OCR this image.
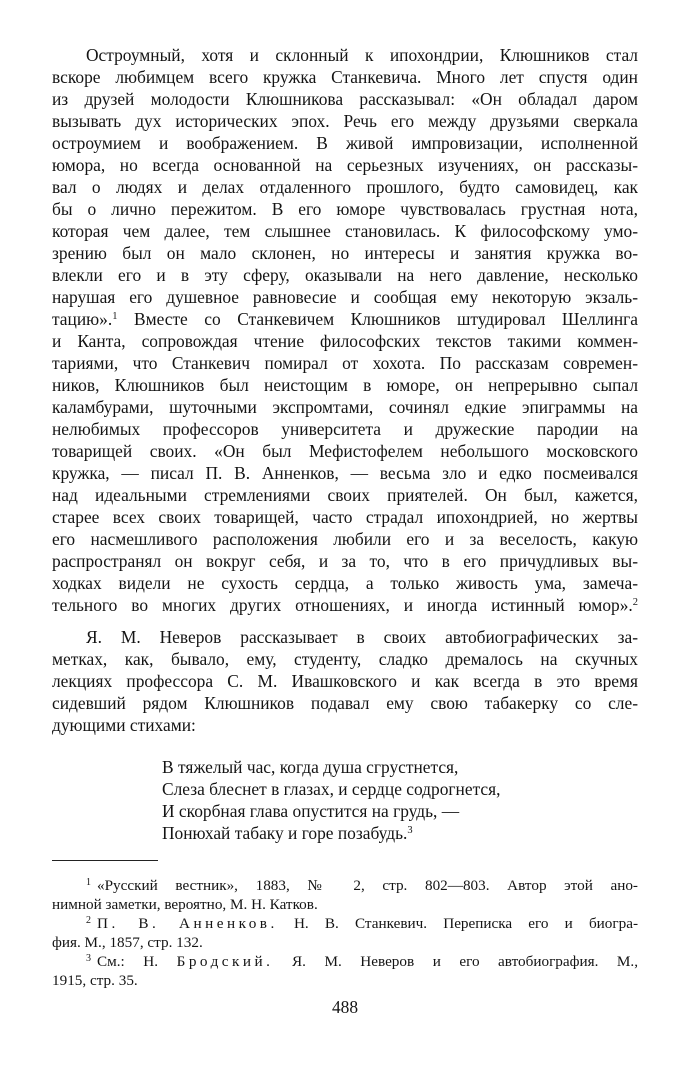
Остроумный, хотя и склонный к ипохондрии, Клюшников стал
вскоре любимцем всего кружка Станкевича. Много лет спустя один
из друзей молодости Клюшникова рассказывал: «Он обладал даром
вызывать дух исторических эпох. Речь его между друзьями сверкала
остроумием и воображением. В живой импровизации, исполненной
юмора, но всегда основанной на серьезных изучениях, он рассказы-
вал о людях и делах отдаленного прошлого, будто самовидец, как
бы о лично пережитом. В его юморе чувствовалась грустная нота,
которая чем далее, тем слышнее становилась. К философскому умо-
зрению был он мало склонен, но интересы и занятия кружка во-
влекли его и в эту сферу, оказывали на него давление, несколько
нарушая его душевное равновесие и сообщая ему некоторую экзаль-
тацию».$^1$ Вместе со Станкевичем Клюшников штудировал Шеллинга
и Канта, сопровождая чтение философских текстов такими коммен-
тариями, что Станкевич помирал от хохота. По рассказам современ-
ников, Клюшников был неистощим в юморе, он непрерывно сыпал
каламбурами, шуточными экспромтами, сочинял едкие эпиграммы на
нелюбимых профессоров университета и дружеские пародии на
товарищей своих. «Он был Мефистофелем небольшого московского
кружка, — писал П. В. Анненков, — весьма зло и едко посмеивался
над идеальными стремлениями своих приятелей. Он был, кажется,
старее всех своих товарищей, часто страдал ипохондрией, но жертвы
его насмешливого расположения любили его и за веселость, какую
распространял он вокруг себя, и за то, что в его причудливых вы-
ходках видели не сухость сердца, а только живость ума, замеча-
тельного во многих других отношениях, и иногда истинный юмор».$^2$
Я. М. Неверов рассказывает в своих автобиографических за-
метках, как, бывало, ему, студенту, сладко дремалось на скучных
лекциях профессора С. М. Ивашковского и как всегда в это время
сидевший рядом Клюшников подавал ему свою табакерку со сле-
дующими стихами:
В тяжелый час, когда душа сгрустнется,
Слеза блеснет в глазах, и сердце содрогнется,
И скорбная глава опустится на грудь, —
Понюхай табаку и горе позабудь.$^3$
$^1$ «Русский вестник», 1883, № 2, стр. 802—803. Автор этой ано-
нимной заметки, вероятно, М. Н. Катков.
$^2$ П. В. Анненков. Н. В. Станкевич. Переписка его и биогра-
фия. М., 1857, стр. 132.
$^3$ См.: Н. Бродский. Я. М. Неверов и его автобиография. М.,
1915, стр. 35.
488
